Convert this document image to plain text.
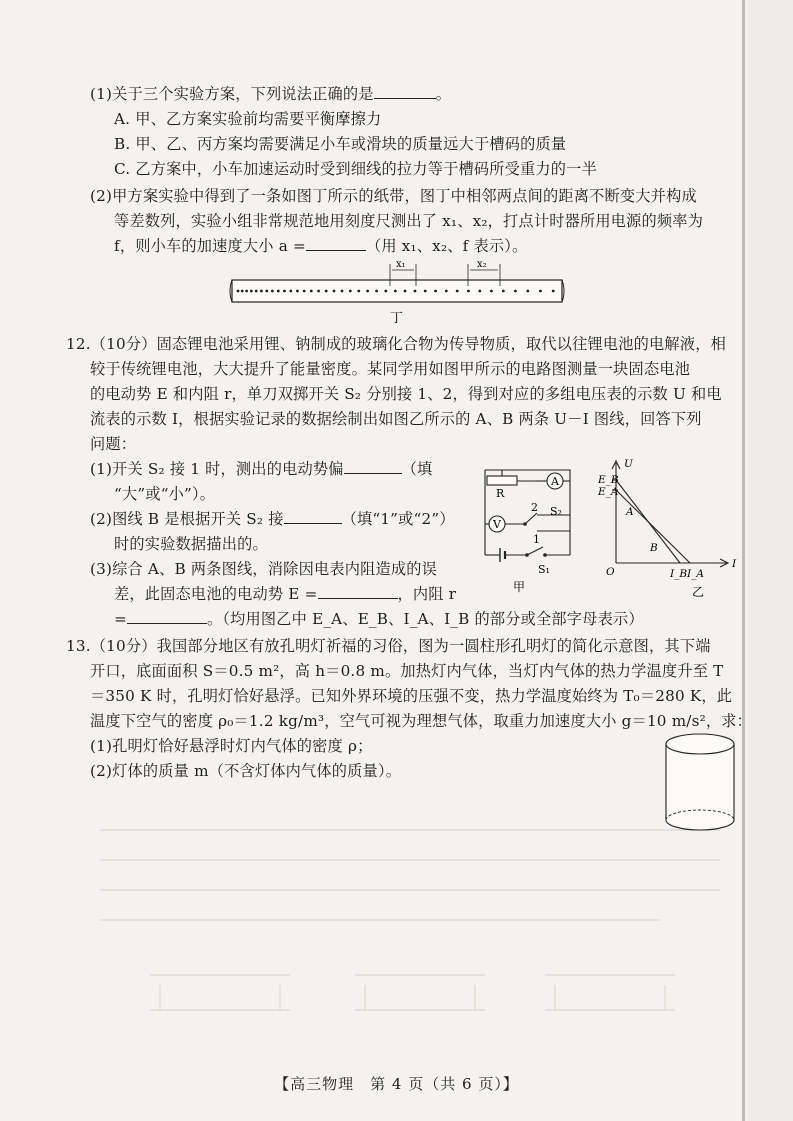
(1)关于三个实验方案，下列说法正确的是	。
A. 甲、乙方案实验前均需要平衡摩擦力
B. 甲、乙、丙方案均需要满足小车或滑块的质量远大于槽码的质量
C. 乙方案中，小车加速运动时受到细线的拉力等于槽码所受重力的一半
(2)甲方案实验中得到了一条如图丁所示的纸带，图丁中相邻两点间的距离不断变大并构成
等差数列，实验小组非常规范地用刻度尺测出了 x₁、x₂，打点计时器所用电源的频率为
f，则小车的加速度大小 a =	（用 x₁、x₂、f 表示）。
x₁	x₂
丁
12.（10分）固态锂电池采用锂、钠制成的玻璃化合物为传导物质，取代以往锂电池的电解液，相
较于传统锂电池，大大提升了能量密度。某同学用如图甲所示的电路图测量一块固态电池
的电动势 E 和内阻 r，单刀双掷开关 S₂ 分别接 1、2，得到对应的多组电压表的示数 U 和电
流表的示数 I，根据实验记录的数据绘制出如图乙所示的 A、B 两条 U－I 图线，回答下列
问题：
(1)开关 S₂ 接 1 时，测出的电动势偏	（填
“大”或“小”）。
(2)图线 B 是根据开关 S₂ 接	（填“1”或“2”）
时的实验数据描出的。
(3)综合 A、B 两条图线，消除因电表内阻造成的误
差，此固态电池的电动势 E =	，内阻 r
=	。（均用图乙中 E_A、E_B、I_A、I_B 的部分或全部字母表示）
R
A
V
2 S₂
1
S₁
甲
U
I
E_B
E_A
A
B
O	I_B I_A
乙
13.（10分）我国部分地区有放孔明灯祈福的习俗，图为一圆柱形孔明灯的简化示意图，其下端
开口，底面面积 S＝0.5 m²，高 h＝0.8 m。加热灯内气体，当灯内气体的热力学温度升至 T
＝350 K 时，孔明灯恰好悬浮。已知外界环境的压强不变，热力学温度始终为 T₀＝280 K，此
温度下空气的密度 ρ₀＝1.2 kg/m³，空气可视为理想气体，取重力加速度大小 g＝10 m/s²，求：
(1)孔明灯恰好悬浮时灯内气体的密度 ρ；
(2)灯体的质量 m（不含灯体内气体的质量）。
【高三物理　第 4 页（共 6 页）】
